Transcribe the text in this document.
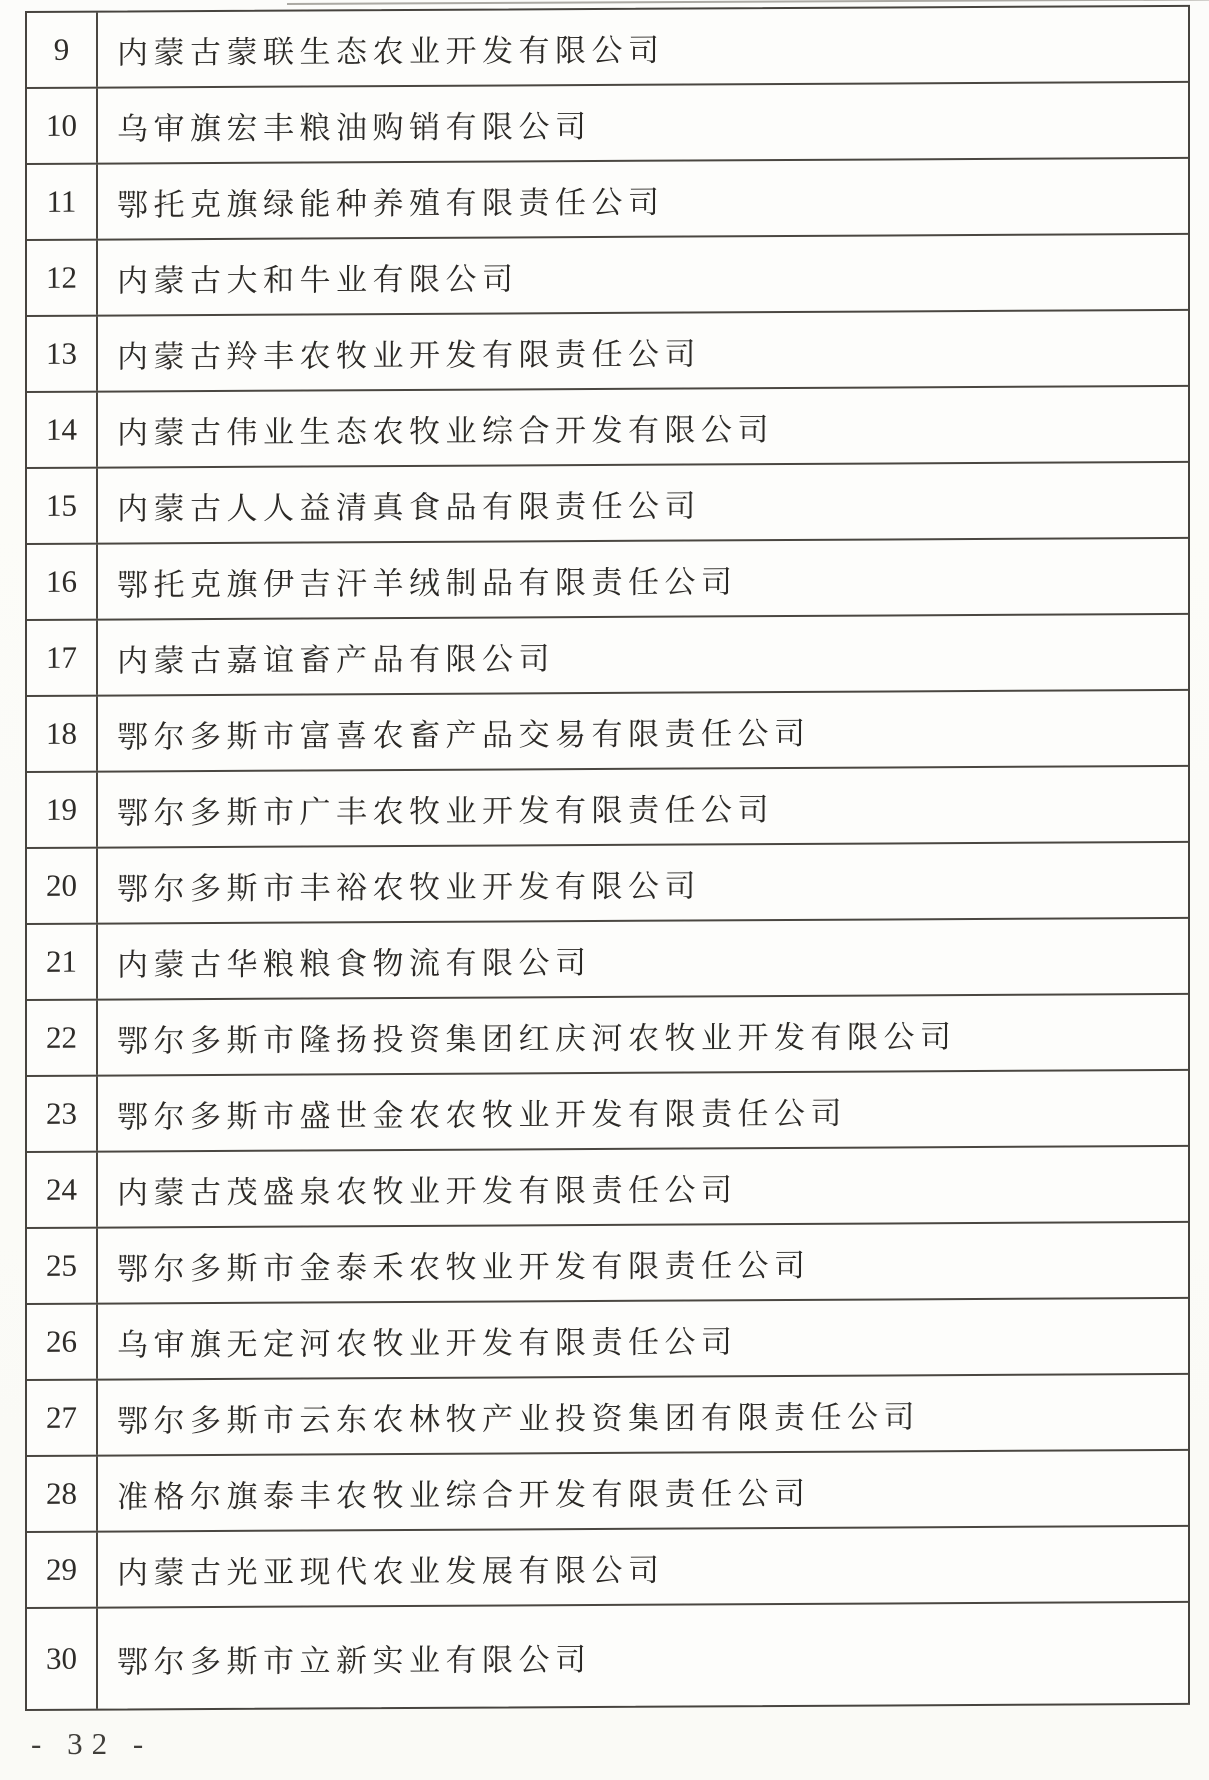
9 内蒙古蒙联生态农业开发有限公司
10 乌审旗宏丰粮油购销有限公司
11 鄂托克旗绿能种养殖有限责任公司
12 内蒙古大和牛业有限公司
13 内蒙古羚丰农牧业开发有限责任公司
14 内蒙古伟业生态农牧业综合开发有限公司
15 内蒙古人人益清真食品有限责任公司
16 鄂托克旗伊吉汗羊绒制品有限责任公司
17 内蒙古嘉谊畜产品有限公司
18 鄂尔多斯市富喜农畜产品交易有限责任公司
19 鄂尔多斯市广丰农牧业开发有限责任公司
20 鄂尔多斯市丰裕农牧业开发有限公司
21 内蒙古华粮粮食物流有限公司
22 鄂尔多斯市隆扬投资集团红庆河农牧业开发有限公司
23 鄂尔多斯市盛世金农农牧业开发有限责任公司
24 内蒙古茂盛泉农牧业开发有限责任公司
25 鄂尔多斯市金泰禾农牧业开发有限责任公司
26 乌审旗无定河农牧业开发有限责任公司
27 鄂尔多斯市云东农林牧产业投资集团有限责任公司
28 准格尔旗泰丰农牧业综合开发有限责任公司
29 内蒙古光亚现代农业发展有限公司
30 鄂尔多斯市立新实业有限公司
- 32 -
